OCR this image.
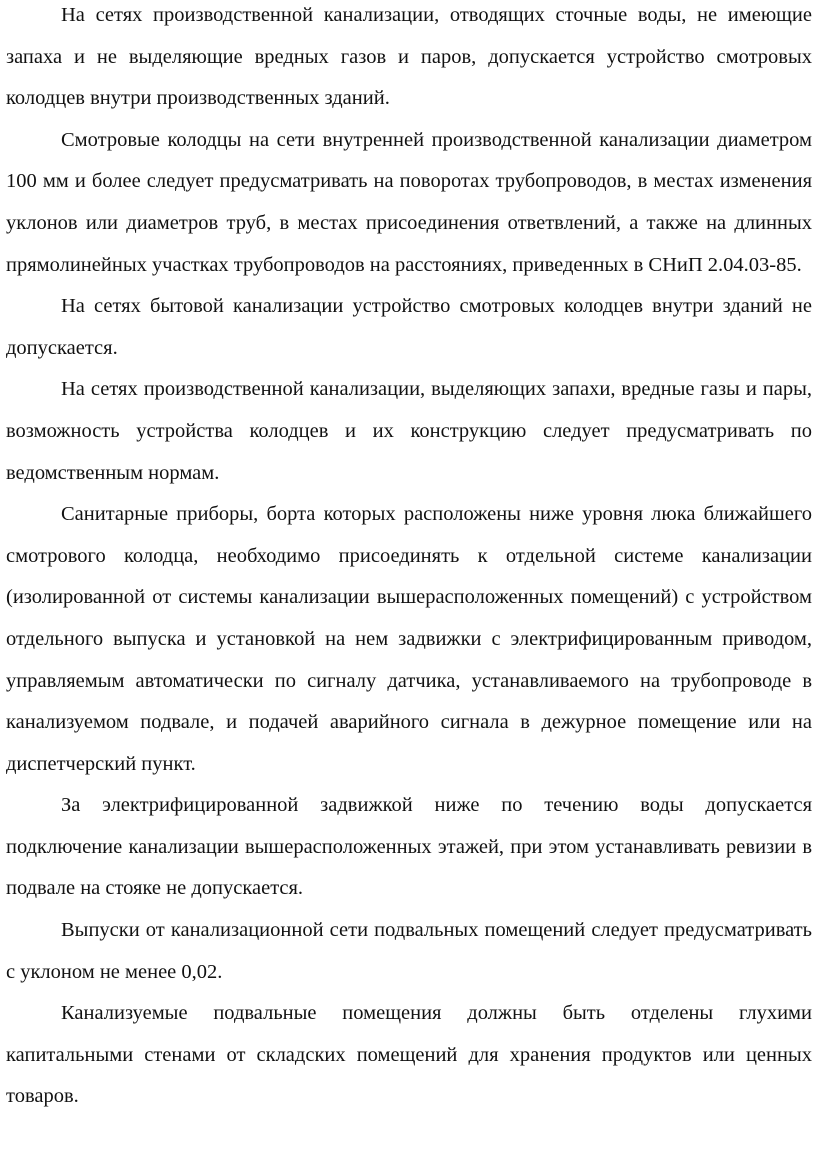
На сетях производственной канализации, отводящих сточные воды, не имеющие запаха и не выделяющие вредных газов и паров, допускается устройство смотровых колодцев внутри производственных зданий.

Смотровые колодцы на сети внутренней производственной канализации диаметром 100 мм и более следует предусматривать на поворотах трубопроводов, в местах изменения уклонов или диаметров труб, в местах присоединения ответвлений, а также на длинных прямолинейных участках трубопроводов на расстояниях, приведенных в СНиП 2.04.03-85.

На сетях бытовой канализации устройство смотровых колодцев внутри зданий не допускается.

На сетях производственной канализации, выделяющих запахи, вредные газы и пары, возможность устройства колодцев и их конструкцию следует предусматривать по ведомственным нормам.

Санитарные приборы, борта которых расположены ниже уровня люка ближайшего смотрового колодца, необходимо присоединять к отдельной системе канализации (изолированной от системы канализации вышерасположенных помещений) с устройством отдельного выпуска и установкой на нем задвижки с электрифицированным приводом, управляемым автоматически по сигналу датчика, устанавливаемого на трубопроводе в канализуемом подвале, и подачей аварийного сигнала в дежурное помещение или на диспетчерский пункт.

За электрифицированной задвижкой ниже по течению воды допускается подключение канализации вышерасположенных этажей, при этом устанавливать ревизии в подвале на стояке не допускается.

Выпуски от канализационной сети подвальных помещений следует предусматривать с уклоном не менее 0,02.

Канализуемые подвальные помещения должны быть отделены глухими капитальными стенами от складских помещений для хранения продуктов или ценных товаров.
